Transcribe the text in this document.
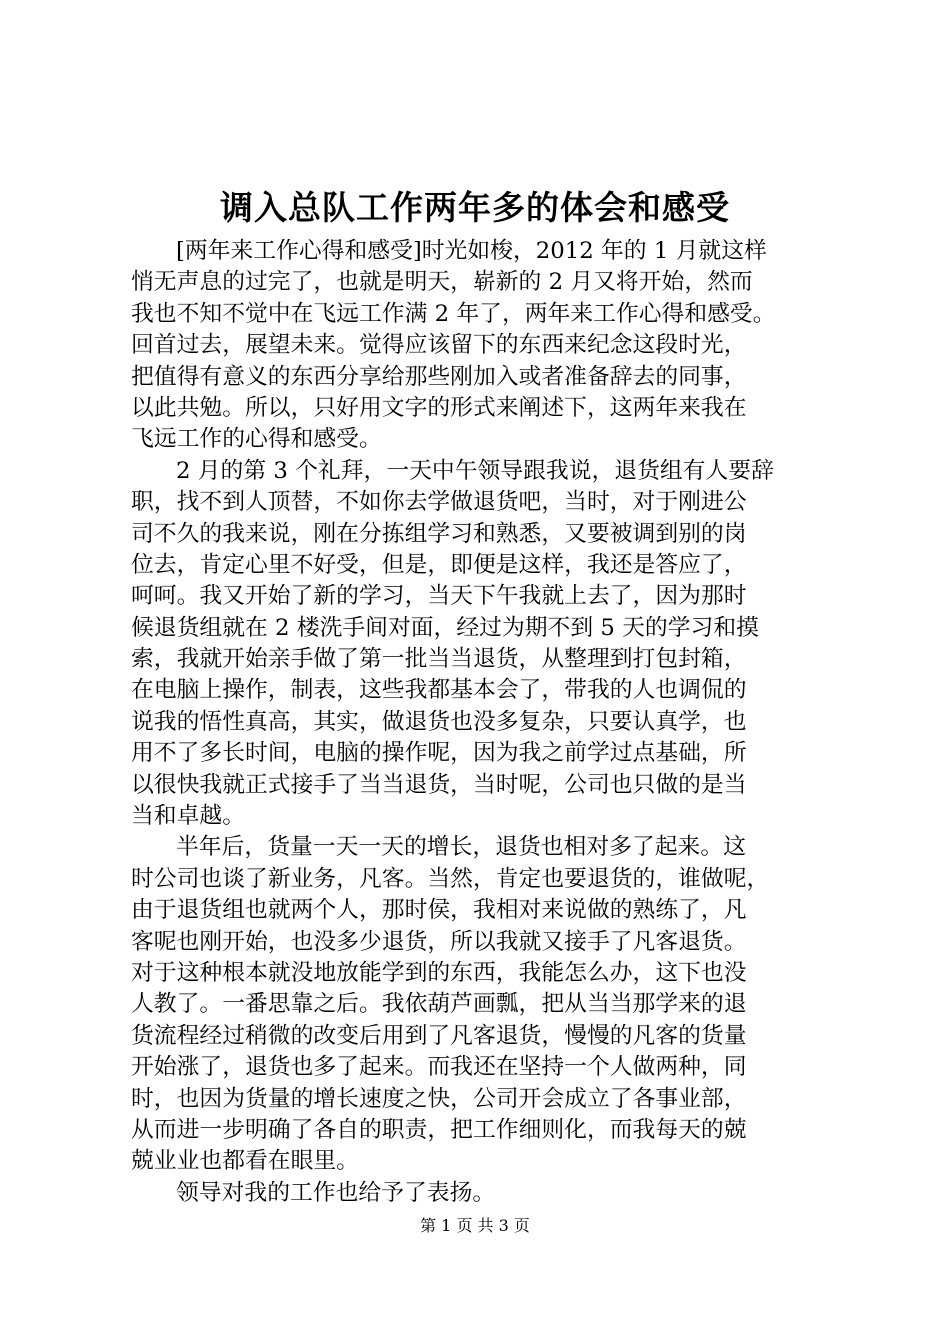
调入总队工作两年多的体会和感受
[两年来工作心得和感受]时光如梭，2012 年的 1 月就这样
悄无声息的过完了，也就是明天，崭新的 2 月又将开始，然而
我也不知不觉中在飞远工作满 2 年了，两年来工作心得和感受。
回首过去，展望未来。觉得应该留下的东西来纪念这段时光，
把值得有意义的东西分享给那些刚加入或者准备辞去的同事，
以此共勉。所以，只好用文字的形式来阐述下，这两年来我在
飞远工作的心得和感受。
2 月的第 3 个礼拜，一天中午领导跟我说，退货组有人要辞
职，找不到人顶替，不如你去学做退货吧，当时，对于刚进公
司不久的我来说，刚在分拣组学习和熟悉，又要被调到别的岗
位去，肯定心里不好受，但是，即便是这样，我还是答应了，
呵呵。我又开始了新的学习，当天下午我就上去了，因为那时
候退货组就在 2 楼洗手间对面，经过为期不到 5 天的学习和摸
索，我就开始亲手做了第一批当当退货，从整理到打包封箱，
在电脑上操作，制表，这些我都基本会了，带我的人也调侃的
说我的悟性真高，其实，做退货也没多复杂，只要认真学，也
用不了多长时间，电脑的操作呢，因为我之前学过点基础，所
以很快我就正式接手了当当退货，当时呢，公司也只做的是当
当和卓越。
半年后，货量一天一天的增长，退货也相对多了起来。这
时公司也谈了新业务，凡客。当然，肯定也要退货的，谁做呢，
由于退货组也就两个人，那时侯，我相对来说做的熟练了，凡
客呢也刚开始，也没多少退货，所以我就又接手了凡客退货。
对于这种根本就没地放能学到的东西，我能怎么办，这下也没
人教了。一番思靠之后。我依葫芦画瓢，把从当当那学来的退
货流程经过稍微的改变后用到了凡客退货，慢慢的凡客的货量
开始涨了，退货也多了起来。而我还在坚持一个人做两种，同
时，也因为货量的增长速度之快，公司开会成立了各事业部，
从而进一步明确了各自的职责，把工作细则化，而我每天的兢
兢业业也都看在眼里。
领导对我的工作也给予了表扬。
第 1 页 共 3 页
